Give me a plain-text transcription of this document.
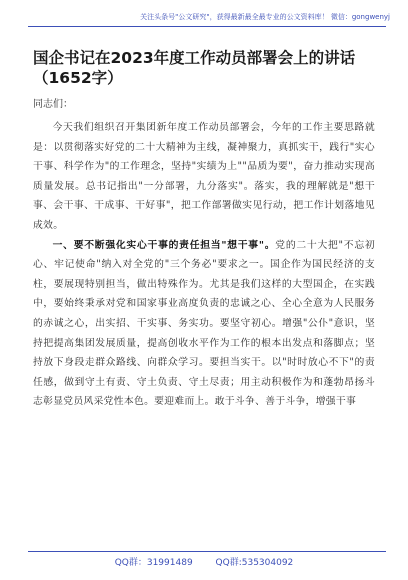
关注头条号"公文研究"，获得最新最全最专业的公文资料库！ 微信：gongwenyj
国企书记在2023年度工作动员部署会上的讲话（1652字）
同志们：

今天我们组织召开集团新年度工作动员部署会，今年的工作主要思路就是：以贯彻落实好党的二十大精神为主线，凝神聚力，真抓实干，践行"实心干事、科学作为"的工作理念，坚持"实绩为上""品质为要"，奋力推动实现高质量发展。总书记指出"一分部署，九分落实"。落实，我的理解就是"想干事、会干事、干成事、干好事"，把工作部署做实见行动，把工作计划落地见成效。

一、要不断强化实心干事的责任担当"想干事"。党的二十大把"不忘初心、牢记使命"纳入对全党的"三个务必"要求之一。国企作为国民经济的支柱，要展现特别担当，做出特殊作为。尤其是我们这样的大型国企，在实践中，要始终秉承对党和国家事业高度负责的忠诚之心、全心全意为人民服务的赤诚之心，出实招、干实事、务实功。要坚守初心。增强"公仆"意识，坚持把提高集团发展质量，提高创收水平作为工作的根本出发点和落脚点；坚持放下身段走群众路线、向群众学习。要担当实干。以"时时放心不下"的责任感，做到守土有责、守土负责、守土尽责；用主动积极作为和蓬勃昂扬斗志彰显党员风采党性本色。要迎难而上。敢于斗争、善于斗争，增强干事

QQ群：31991489	QQ群:535304092
